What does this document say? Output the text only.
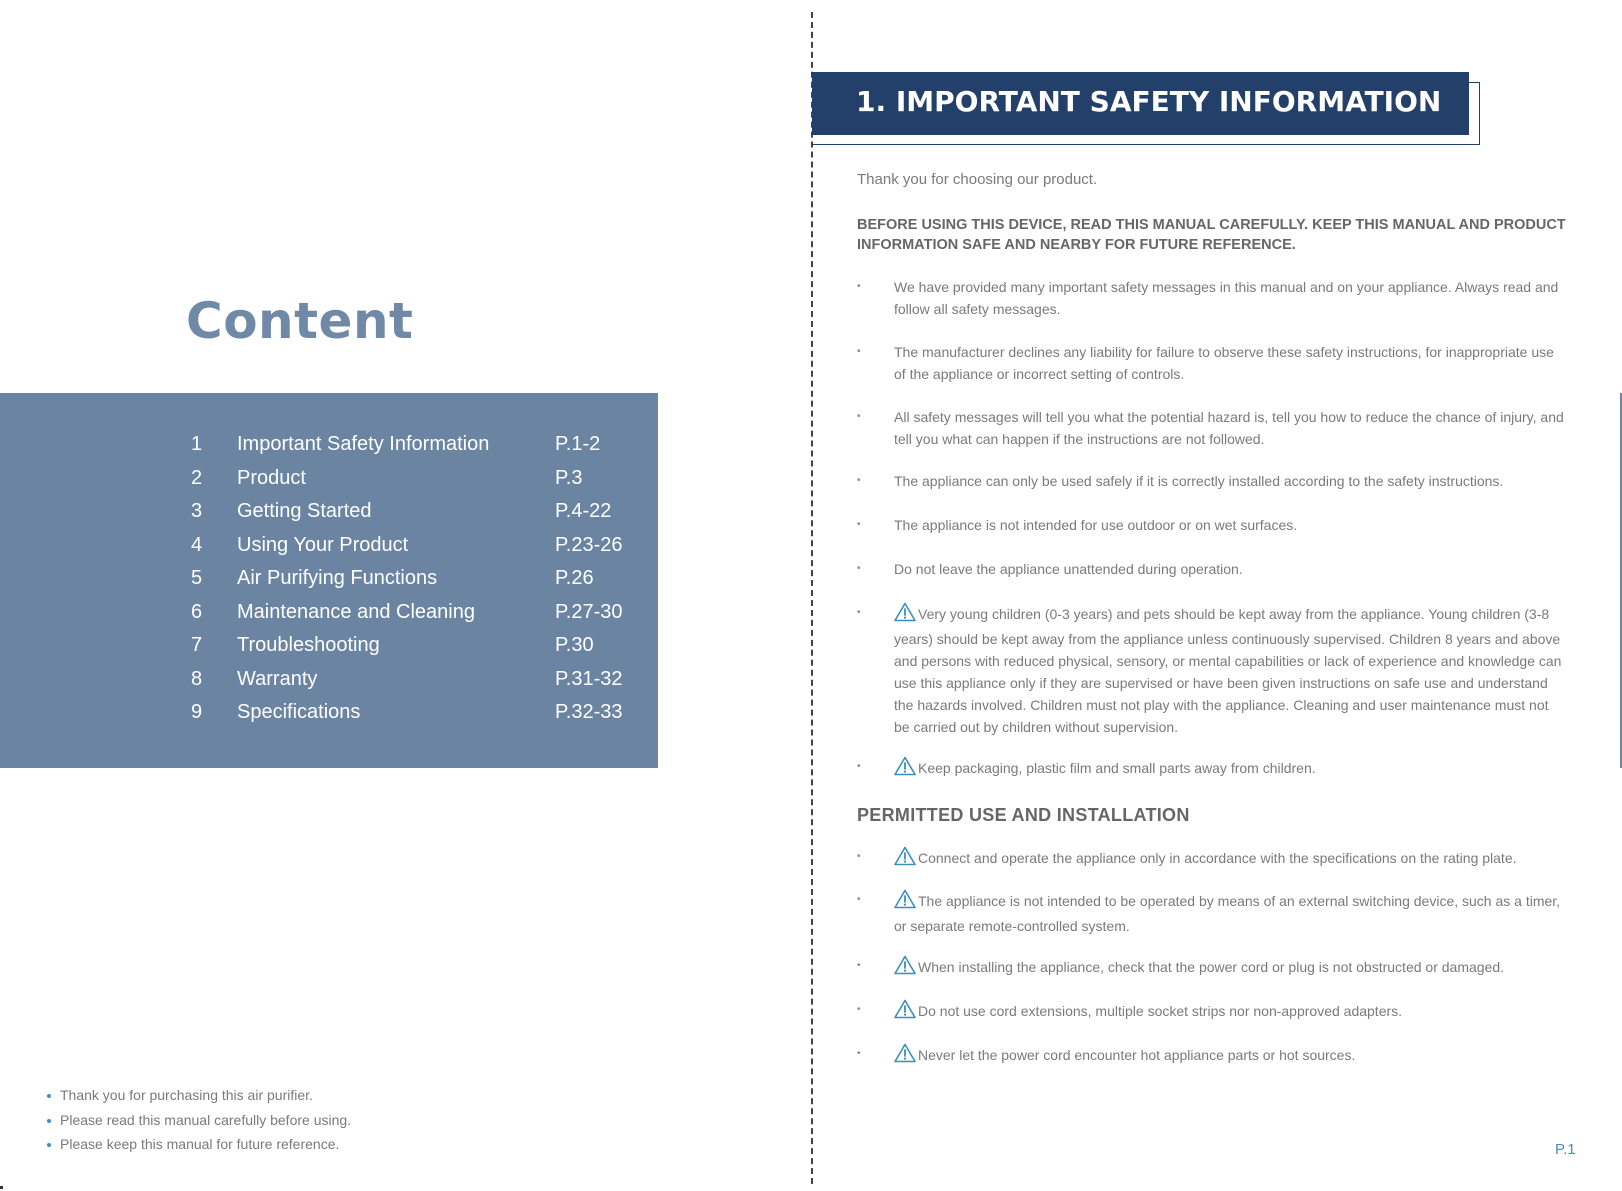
Content
1 Important Safety Information	P.1-2
2 Product	P.3
3 Getting Started	P.4-22
4 Using Your Product	P.23-26
5 Air Purifying Functions	P.26
6 Maintenance and Cleaning	P.27-30
7 Troubleshooting	P.30
8 Warranty	P.31-32
9 Specifications	P.32-33
Thank you for purchasing this air purifier.
Please read this manual carefully before using.
Please keep this manual for future reference.
1. IMPORTANT SAFETY INFORMATION
Thank you for choosing our product.
BEFORE USING THIS DEVICE, READ THIS MANUAL CAREFULLY. KEEP THIS MANUAL AND PRODUCT INFORMATION SAFE AND NEARBY FOR FUTURE REFERENCE.
• We have provided many important safety messages in this manual and on your appliance. Always read and follow all safety messages.
• The manufacturer declines any liability for failure to observe these safety instructions, for inappropriate use of the appliance or incorrect setting of controls.
• All safety messages will tell you what the potential hazard is, tell you how to reduce the chance of injury, and tell you what can happen if the instructions are not followed.
• The appliance can only be used safely if it is correctly installed according to the safety instructions.
• The appliance is not intended for use outdoor or on wet surfaces.
• Do not leave the appliance unattended during operation.
•	Very young children (0-3 years) and pets should be kept away from the appliance. Young children (3-8 years) should be kept away from the appliance unless continuously supervised. Children 8 years and above and persons with reduced physical, sensory, or mental capabilities or lack of experience and knowledge can use this appliance only if they are supervised or have been given instructions on safe use and understand the hazards involved. Children must not play with the appliance. Cleaning and user maintenance must not be carried out by children without supervision.
•	Keep packaging, plastic film and small parts away from children.
PERMITTED USE AND INSTALLATION
•	Connect and operate the appliance only in accordance with the specifications on the rating plate.
•	The appliance is not intended to be operated by means of an external switching device, such as a timer, or separate remote-controlled system.
•	When installing the appliance, check that the power cord or plug is not obstructed or damaged.
•	Do not use cord extensions, multiple socket strips nor non-approved adapters.
•	Never let the power cord encounter hot appliance parts or hot sources.
P.1
